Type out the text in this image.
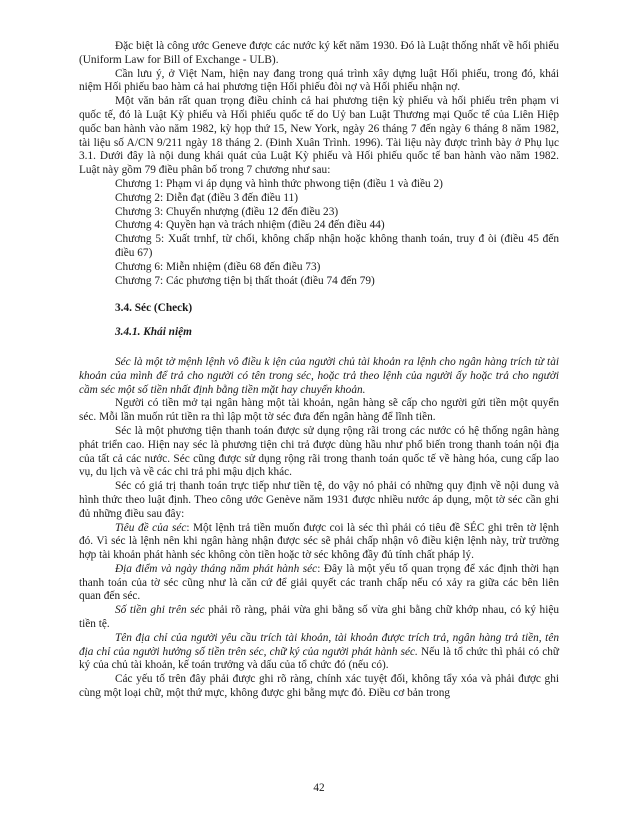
Đặc biệt là công ước Geneve được các nước ký kết năm 1930. Đó là Luật thống nhất về hối phiếu (Uniform Law for Bill of Exchange - ULB).

Cần lưu ý, ở Việt Nam, hiện nay đang trong quá trình xây dựng luật Hối phiếu, trong đó, khái niệm Hối phiếu bao hàm cả hai phương tiện Hối phiếu đòi nợ và Hối phiếu nhận nợ.

Một văn bản rất quan trọng điều chỉnh cả hai phương tiện kỳ phiếu và hối phiếu trên phạm vi quốc tế, đó là Luật Kỳ phiếu và Hối phiếu quốc tế do Uỷ ban Luật Thương mại Quốc tế của Liên Hiệp quốc ban hành vào năm 1982, kỳ họp thứ 15, New York, ngày 26 tháng 7 đến ngày 6 tháng 8 năm 1982, tài liệu số A/CN 9/211 ngày 18 tháng 2. (Đinh Xuân Trình. 1996). Tài liệu này được trình bày ở Phụ lục 3.1. Dưới đây là nội dung khái quát của Luật Kỳ phiếu và Hối phiếu quốc tế ban hành vào năm 1982. Luật này gồm 79 điều phân bố trong 7 chương như sau:

Chương 1: Phạm vi áp dụng và hình thức phwong tiện (điều 1 và điều 2)

Chương 2: Diễn đạt (điều 3 đến điều 11)

Chương 3: Chuyển nhượng (điều 12 đến điều 23)

Chương 4: Quyền hạn và trách nhiệm (điều 24 đến điều 44)

Chương 5: Xuất trnhf, từ chối, không chấp nhận hoặc không thanh toán, truy đ òi (điều 45 đến điều 67)

Chương 6: Miễn nhiệm (điều 68 đến điều 73)

Chương 7: Các phương tiện bị thất thoát (điều 74 đến 79)

3.4. Séc (Check)

3.4.1. Khái niệm

Séc là một tờ mệnh lệnh vô điều k iện của người chủ tài khoản ra lệnh cho ngân hàng trích từ tài khoản của mình để trả cho người có tên trong séc, hoặc trả theo lệnh của người ấy hoặc trả cho người cầm séc một số tiền nhất định bằng tiền mặt hay chuyển khoản.

Người có tiền mở tại ngân hàng một tài khoản, ngân hàng sẽ cấp cho người gửi tiền một quyển séc. Mỗi lần muốn rút tiền ra thì lập một tờ séc đưa đến ngân hàng để lĩnh tiền.

Séc là một phương tiện thanh toán được sử dụng rộng rãi trong các nước có hệ thống ngân hàng phát triển cao. Hiện nay séc là phương tiện chi trả được dùng hầu như phổ biến trong thanh toán nội địa của tất cả các nước. Séc cũng được sử dụng rộng rãi trong thanh toán quốc tế về hàng hóa, cung cấp lao vụ, du lịch và về các chi trả phi mậu dịch khác.

Séc có giá trị thanh toán trực tiếp như tiền tệ, do vậy nó phải có những quy định về nội dung và hình thức theo luật định. Theo công ước Genève năm 1931 được nhiều nước áp dụng, một tờ séc cần ghi đủ những điều sau đây:

Tiêu đề của séc: Một lệnh trả tiền muốn được coi là séc thì phải có tiêu đề SÉC ghi trên tờ lệnh đó. Vì séc là lệnh nên khi ngân hàng nhận được séc sẽ phải chấp nhận vô điều kiện lệnh này, trừ trường hợp tài khoản phát hành séc không còn tiền hoặc tờ séc không đầy đủ tính chất pháp lý.

Địa điểm và ngày tháng năm phát hành séc: Đây là một yếu tố quan trọng để xác định thời hạn thanh toán của tờ séc cũng như là căn cứ để giải quyết các tranh chấp nếu có xảy ra giữa các bên liên quan đến séc.

Số tiền ghi trên séc phải rõ ràng, phải vừa ghi bằng số vừa ghi bằng chữ khớp nhau, có ký hiệu tiền tệ.

Tên địa chỉ của người yêu cầu trích tài khoản, tài khoản được trích trả, ngân hàng trả tiền, tên địa chỉ của người hưởng số tiền trên séc, chữ ký của người phát hành séc. Nếu là tổ chức thì phải có chữ ký của chủ tài khoản, kế toán trưởng và dấu của tổ chức đó (nếu có).

Các yếu tố trên đây phải được ghi rõ ràng, chính xác tuyệt đối, không tẩy xóa và phải được ghi cùng một loại chữ, một thứ mực, không được ghi bằng mực đỏ. Điều cơ bản trong

42
